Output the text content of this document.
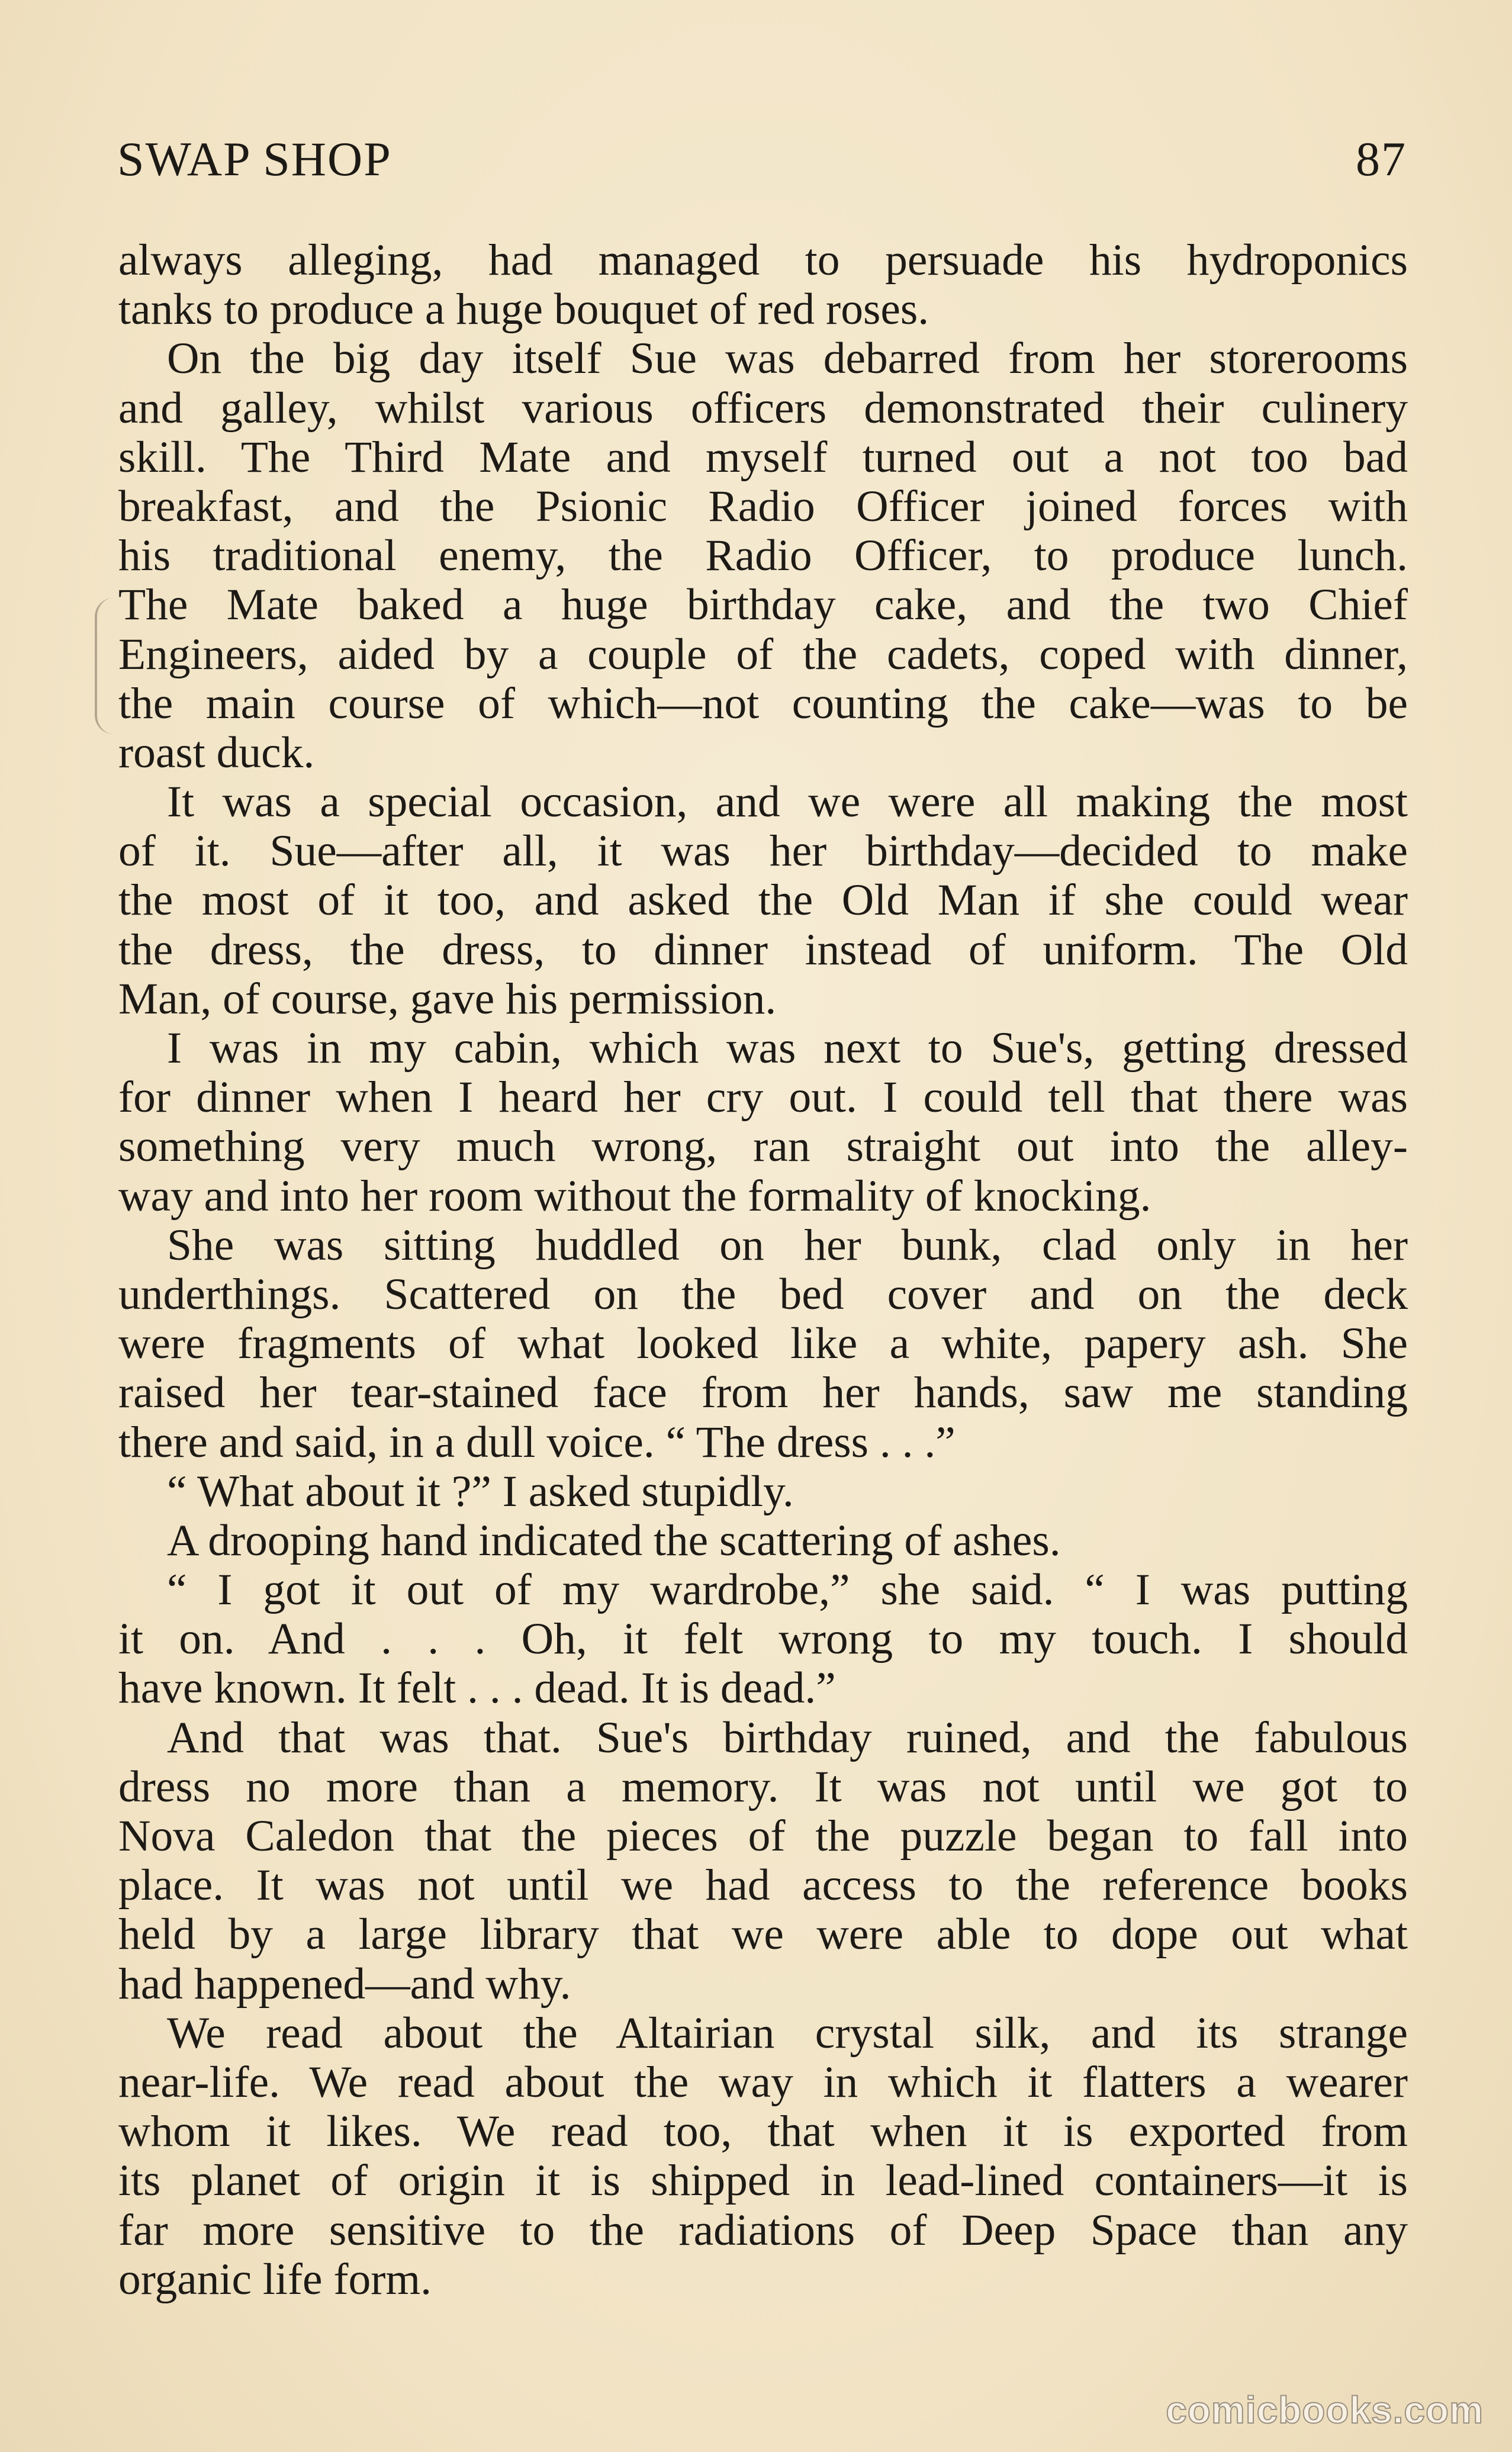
SWAP SHOP	87
always alleging, had managed to persuade his hydroponics
tanks to produce a huge bouquet of red roses.
On the big day itself Sue was debarred from her storerooms
and galley, whilst various officers demonstrated their culinery
skill. The Third Mate and myself turned out a not too bad
breakfast, and the Psionic Radio Officer joined forces with
his traditional enemy, the Radio Officer, to produce lunch.
The Mate baked a huge birthday cake, and the two Chief
Engineers, aided by a couple of the cadets, coped with dinner,
the main course of which—not counting the cake—was to be
roast duck.
It was a special occasion, and we were all making the most
of it. Sue—after all, it was her birthday—decided to make
the most of it too, and asked the Old Man if she could wear
the dress, the dress, to dinner instead of uniform. The Old
Man, of course, gave his permission.
I was in my cabin, which was next to Sue's, getting dressed
for dinner when I heard her cry out. I could tell that there was
something very much wrong, ran straight out into the alley-
way and into her room without the formality of knocking.
She was sitting huddled on her bunk, clad only in her
underthings. Scattered on the bed cover and on the deck
were fragments of what looked like a white, papery ash. She
raised her tear-stained face from her hands, saw me standing
there and said, in a dull voice. “ The dress . . .”
“ What about it ?” I asked stupidly.
A drooping hand indicated the scattering of ashes.
“ I got it out of my wardrobe,” she said. “ I was putting
it on. And . . . Oh, it felt wrong to my touch. I should
have known. It felt . . . dead. It is dead.”
And that was that. Sue's birthday ruined, and the fabulous
dress no more than a memory. It was not until we got to
Nova Caledon that the pieces of the puzzle began to fall into
place. It was not until we had access to the reference books
held by a large library that we were able to dope out what
had happened—and why.
We read about the Altairian crystal silk, and its strange
near-life. We read about the way in which it flatters a wearer
whom it likes. We read too, that when it is exported from
its planet of origin it is shipped in lead-lined containers—it is
far more sensitive to the radiations of Deep Space than any
organic life form.
comicbooks.com
